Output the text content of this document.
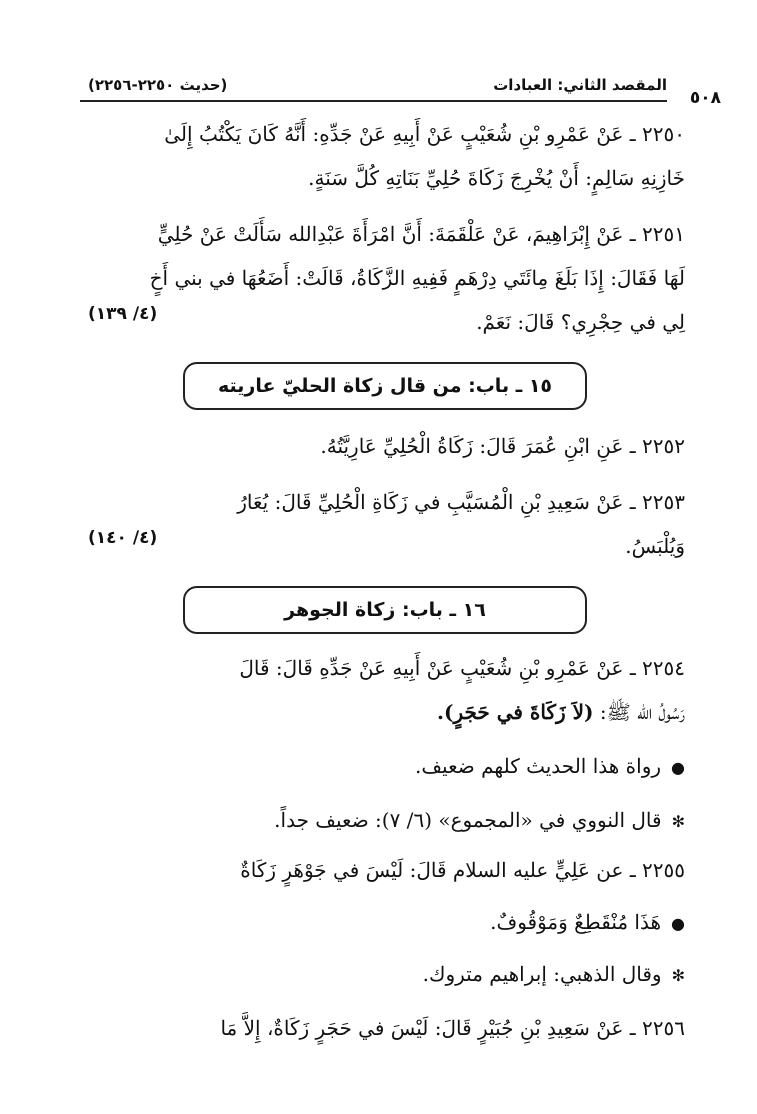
المقصد الثاني: العبادات
(حديث ٢٢٥٠-٢٢٥٦)
٥٠٨
٢٢٥٠ ـ عَنْ عَمْرِو بْنِ شُعَيْبٍ عَنْ أَبِيهِ عَنْ جَدِّهِ: أَنَّهُ كَانَ يَكْتُبُ إِلَىٰ
خَازِنِهِ سَالِمٍ: أَنْ يُخْرِجَ زَكَاةَ حُلِيِّ بَنَاتِهِ كُلَّ سَنَةٍ.
٢٢٥١ ـ عَنْ إِبْرَاهِيمَ، عَنْ عَلْقَمَةَ: أَنَّ امْرَأَةَ عَبْدِالله سَأَلَتْ عَنْ حُلِيٍّ
لَهَا فَقَالَ: إِذَا بَلَغَ مِائَتَي دِرْهَمٍ فَفِيهِ الزَّكَاةُ، قَالَتْ: أَضَعُهَا في بني أَخٍ
لِي في حِجْرِي؟ قَالَ: نَعَمْ.
(٤/ ١٣٩)
١٥ ـ باب: من قال زكاة الحليّ عاريته
٢٢٥٢ ـ عَنِ ابْنِ عُمَرَ قَالَ: زَكَاةُ الْحُلِيِّ عَارِيَّتُهُ.
٢٢٥٣ ـ عَنْ سَعِيدِ بْنِ الْمُسَيَّبِ في زَكَاةِ الْحُلِيِّ قَالَ: يُعَارُ
وَيُلْبَسُ.
(٤/ ١٤٠)
١٦ ـ باب: زكاة الجوهر
٢٢٥٤ ـ عَنْ عَمْرِو بْنِ شُعَيْبٍ عَنْ أَبِيهِ عَنْ جَدِّهِ قَالَ: قَالَ
رَسُولُ الله ﷺ: (لاَ زَكَاةَ في حَجَرٍ).
● رواة هذا الحديث كلهم ضعيف.
✻ قال النووي في «المجموع» (٦/ ٧): ضعيف جداً.
٢٢٥٥ ـ عن عَلِيٍّ عليه السلام قَالَ: لَيْسَ في جَوْهَرٍ زَكَاةٌ
● هَذَا مُنْقَطِعٌ وَمَوْقُوفٌ.
✻ وقال الذهبي: إبراهيم متروك.
٢٢٥٦ ـ عَنْ سَعِيدِ بْنِ جُبَيْرٍ قَالَ: لَيْسَ في حَجَرٍ زَكَاةٌ، إِلاَّ مَا
